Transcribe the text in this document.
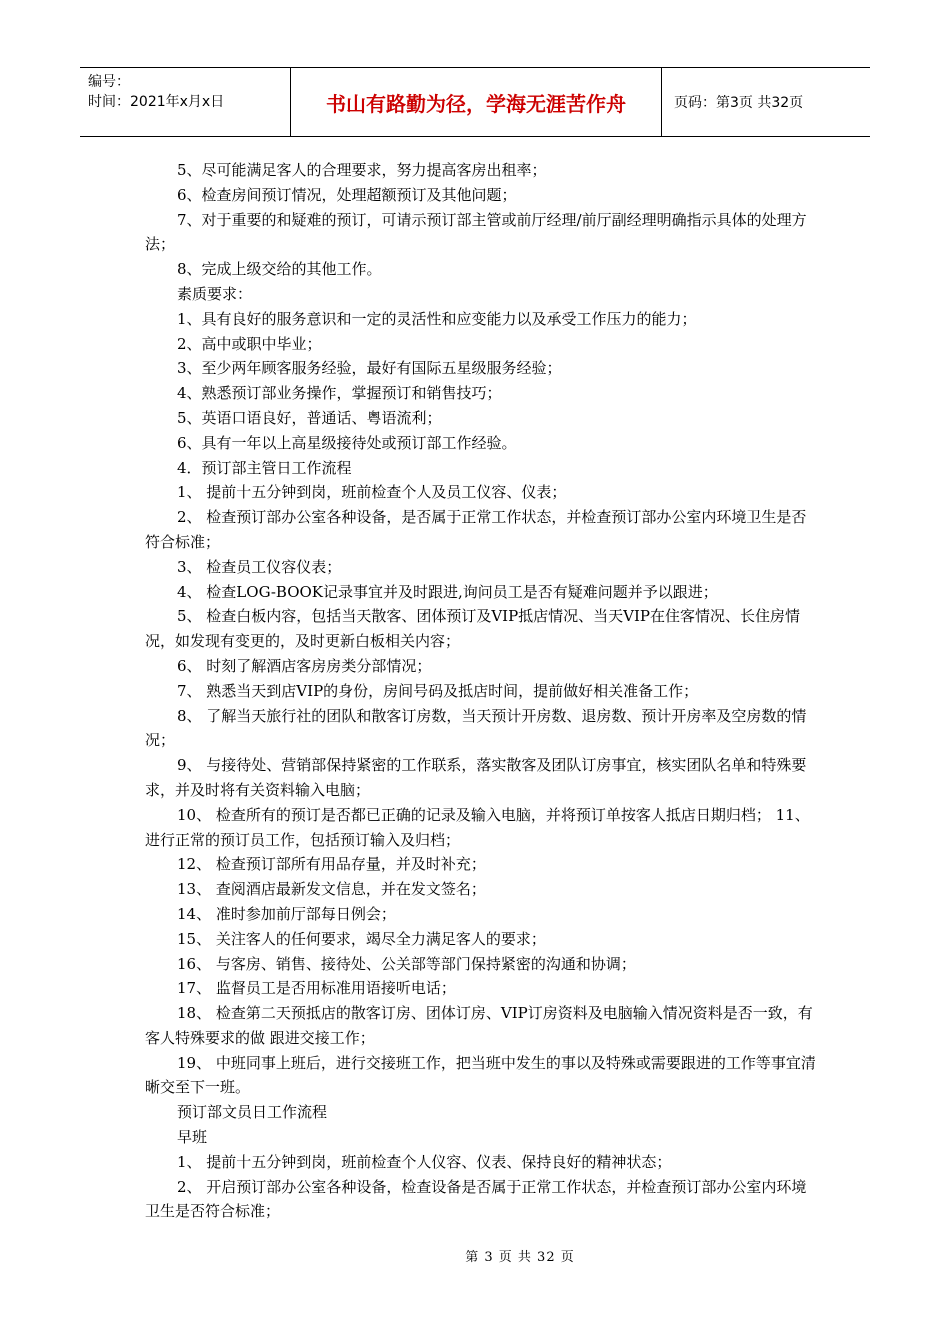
编号：
时间：2021年x月x日	书山有路勤为径，学海无涯苦作舟	页码：第3页 共32页

5、尽可能满足客人的合理要求，努力提高客房出租率；

6、检查房间预订情况，处理超额预订及其他问题；

7、对于重要的和疑难的预订，可请示预订部主管或前厅经理/前厅副经理明确指示具体的处理方法；

8、完成上级交给的其他工作。

素质要求：

1、具有良好的服务意识和一定的灵活性和应变能力以及承受工作压力的能力；

2、高中或职中毕业；

3、至少两年顾客服务经验，最好有国际五星级服务经验；

4、熟悉预订部业务操作，掌握预订和销售技巧；

5、英语口语良好，普通话、粤语流利；

6、具有一年以上高星级接待处或预订部工作经验。

4．预订部主管日工作流程

1、 提前十五分钟到岗，班前检查个人及员工仪容、仪表；

2、 检查预订部办公室各种设备，是否属于正常工作状态，并检查预订部办公室内环境卫生是否符合标准；

3、 检查员工仪容仪表；

4、 检查LOG-BOOK记录事宜并及时跟进,询问员工是否有疑难问题并予以跟进；

5、 检查白板内容，包括当天散客、团体预订及VIP抵店情况、当天VIP在住客情况、长住房情况，如发现有变更的，及时更新白板相关内容；

6、 时刻了解酒店客房房类分部情况；

7、 熟悉当天到店VIP的身份，房间号码及抵店时间，提前做好相关准备工作；

8、 了解当天旅行社的团队和散客订房数，当天预计开房数、退房数、预计开房率及空房数的情况；

9、 与接待处、营销部保持紧密的工作联系，落实散客及团队订房事宜，核实团队名单和特殊要求，并及时将有关资料输入电脑；

10、 检查所有的预订是否都已正确的记录及输入电脑，并将预订单按客人抵店日期归档； 11、 进行正常的预订员工作，包括预订输入及归档；

12、 检查预订部所有用品存量，并及时补充；

13、 查阅酒店最新发文信息，并在发文签名；

14、 准时参加前厅部每日例会；

15、 关注客人的任何要求，竭尽全力满足客人的要求；

16、 与客房、销售、接待处、公关部等部门保持紧密的沟通和协调；

17、 监督员工是否用标准用语接听电话；

18、 检查第二天预抵店的散客订房、团体订房、VIP订房资料及电脑输入情况资料是否一致，有客人特殊要求的做 跟进交接工作；

19、 中班同事上班后，进行交接班工作，把当班中发生的事以及特殊或需要跟进的工作等事宜清晰交至下一班。

预订部文员日工作流程

早班

1、 提前十五分钟到岗，班前检查个人仪容、仪表、保持良好的精神状态；

2、 开启预订部办公室各种设备，检查设备是否属于正常工作状态，并检查预订部办公室内环境卫生是否符合标准；

第 3 页 共 32 页
